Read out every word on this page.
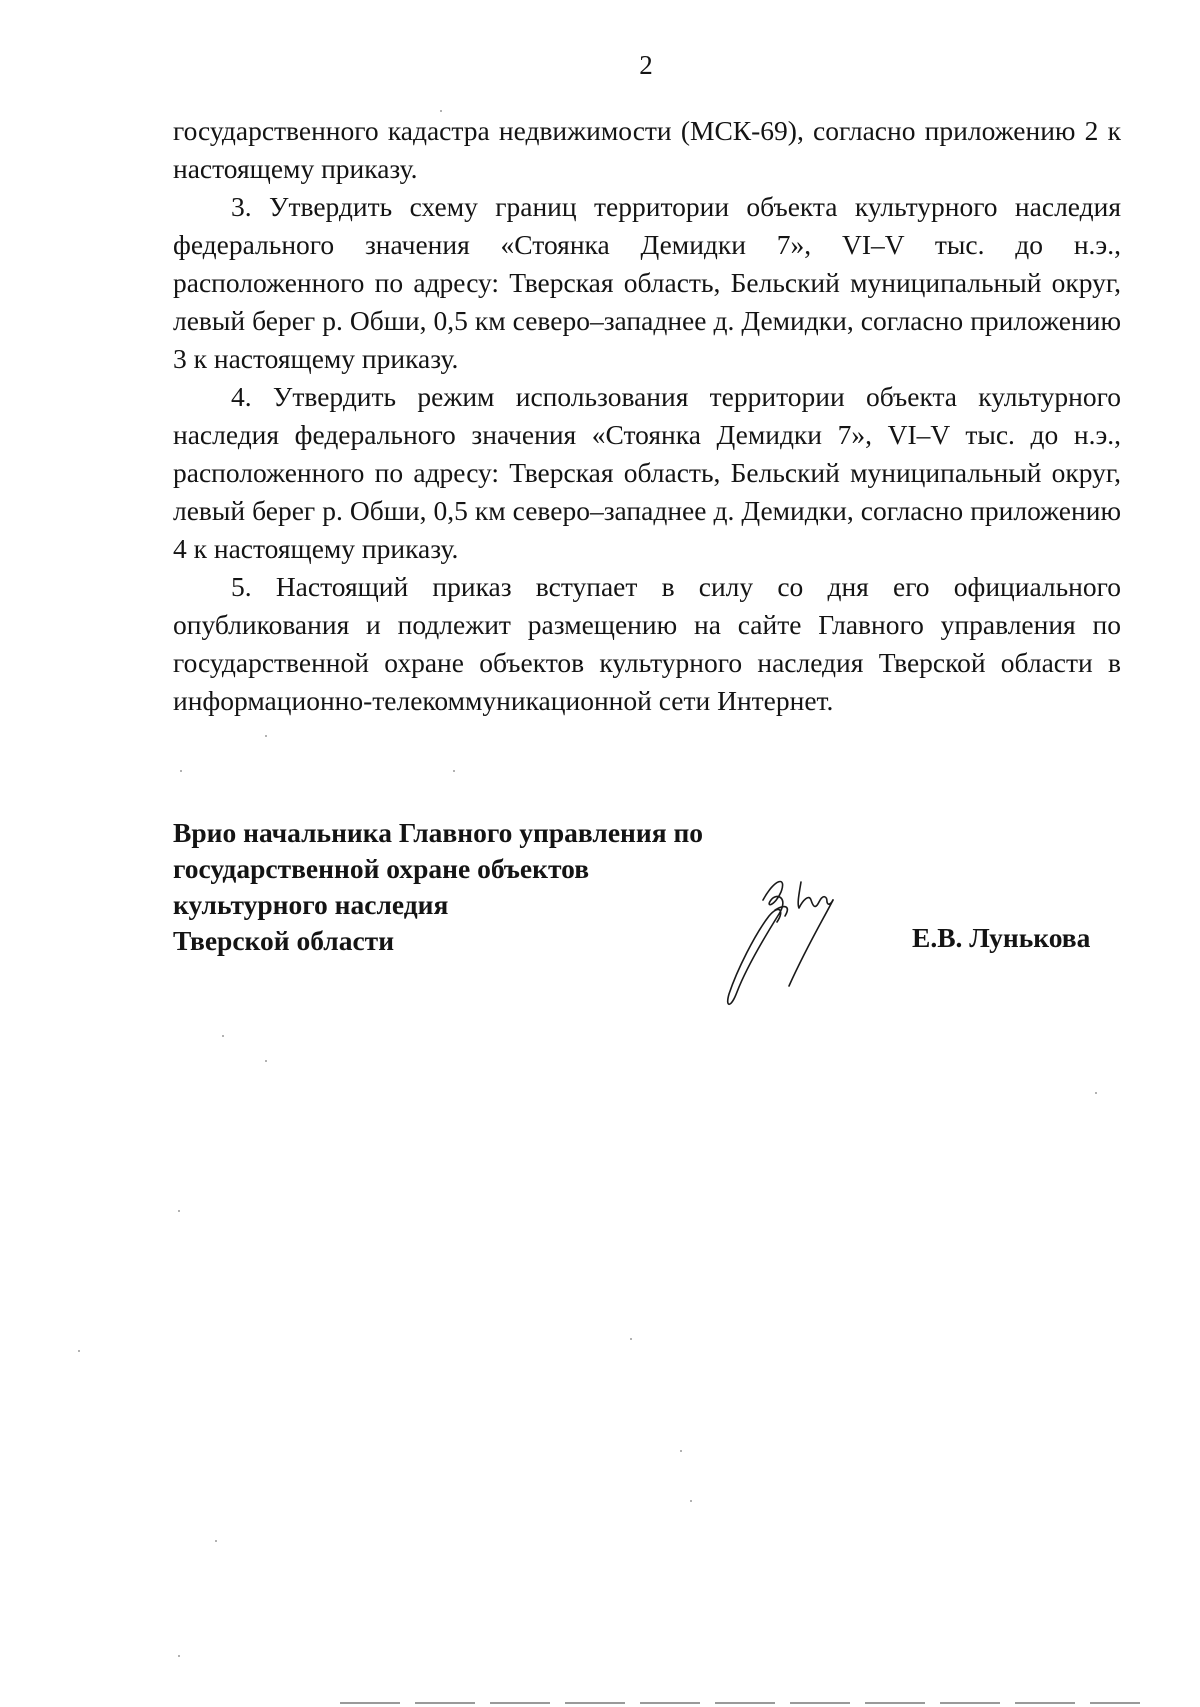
2

государственного кадастра недвижимости (МСК-69), согласно приложению 2 к настоящему приказу.

3. Утвердить схему границ территории объекта культурного наследия федерального значения «Стоянка Демидки 7», VI–V тыс. до н.э., расположенного по адресу: Тверская область, Бельский муниципальный округ, левый берег р. Обши, 0,5 км северо–западнее д. Демидки, согласно приложению 3 к настоящему приказу.

4. Утвердить режим использования территории объекта культурного наследия федерального значения «Стоянка Демидки 7», VI–V тыс. до н.э., расположенного по адресу: Тверская область, Бельский муниципальный округ, левый берег р. Обши, 0,5 км северо–западнее д. Демидки, согласно приложению 4 к настоящему приказу.

5. Настоящий приказ вступает в силу со дня его официального опубликования и подлежит размещению на сайте Главного управления по государственной охране объектов культурного наследия Тверской области в информационно-телекоммуникационной сети Интернет.

Врио начальника Главного управления по
государственной охране объектов
культурного наследия
Тверской области	Е.В. Лунькова
